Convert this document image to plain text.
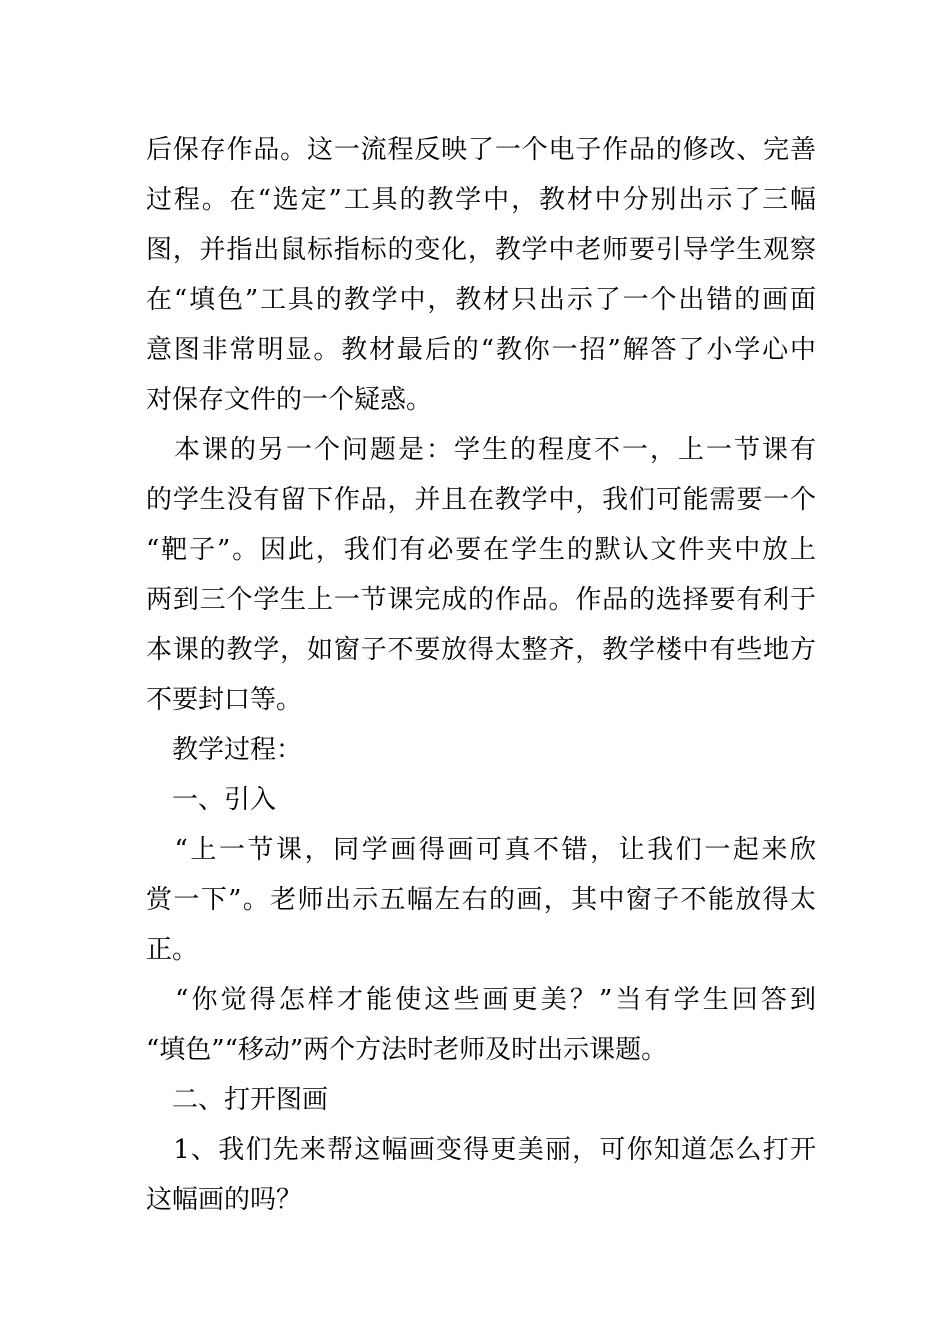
后保存作品。这一流程反映了一个电子作品的修改、完善
过程。在“选定”工具的教学中，教材中分别出示了三幅
图，并指出鼠标指标的变化，教学中老师要引导学生观察
在“填色”工具的教学中，教材只出示了一个出错的画面
意图非常明显。教材最后的“教你一招”解答了小学心中
对保存文件的一个疑惑。
　本课的另一个问题是：学生的程度不一，上一节课有
的学生没有留下作品，并且在教学中，我们可能需要一个
“靶子”。因此，我们有必要在学生的默认文件夹中放上
两到三个学生上一节课完成的作品。作品的选择要有利于
本课的教学，如窗子不要放得太整齐，教学楼中有些地方
不要封口等。
　教学过程：
　一、引入
　“上一节课，同学画得画可真不错，让我们一起来欣
赏一下”。老师出示五幅左右的画，其中窗子不能放得太
正。
　“你觉得怎样才能使这些画更美？”当有学生回答到
“填色”“移动”两个方法时老师及时出示课题。
　二、打开图画
　1、我们先来帮这幅画变得更美丽，可你知道怎么打开
这幅画的吗？
